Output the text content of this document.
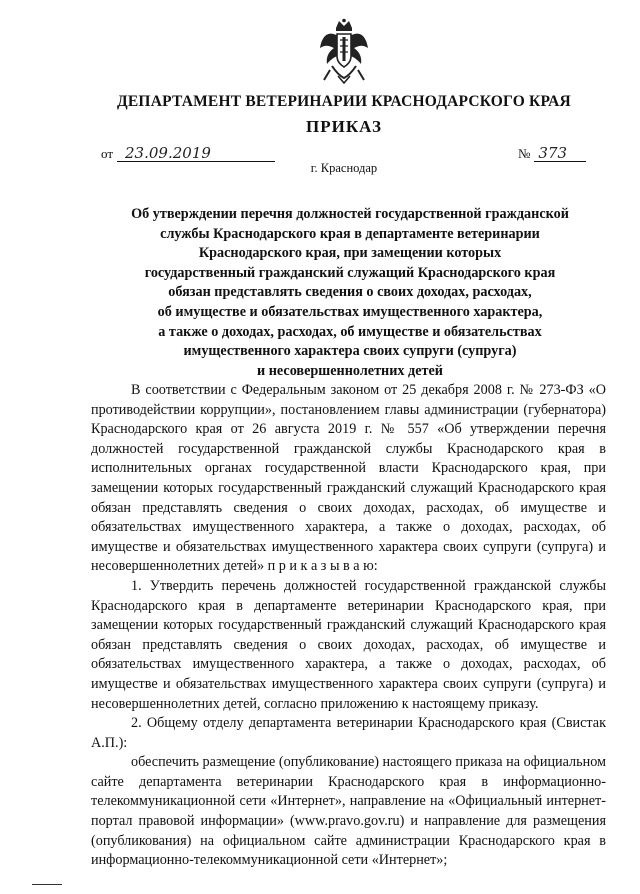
ДЕПАРТАМЕНТ ВЕТЕРИНАРИИ КРАСНОДАРСКОГО КРАЯ
ПРИКАЗ
от 23.09.2019	№ 373
г. Краснодар
Об утверждении перечня должностей государственной гражданской
службы Краснодарского края в департаменте ветеринарии
Краснодарского края, при замещении которых
государственный гражданский служащий Краснодарского края
обязан представлять сведения о своих доходах, расходах,
об имуществе и обязательствах имущественного характера,
а также о доходах, расходах, об имуществе и обязательствах
имущественного характера своих супруги (супруга)
и несовершеннолетних детей

В соответствии с Федеральным законом от 25 декабря 2008 г. № 273-ФЗ «О противодействии коррупции», постановлением главы администрации (губернатора) Краснодарского края от 26 августа 2019 г. № 557 «Об утверждении перечня должностей государственной гражданской службы Краснодарского края в исполнительных органах государственной власти Краснодарского края, при замещении которых государственный гражданский служащий Краснодарского края обязан представлять сведения о своих доходах, расходах, об имуществе и обязательствах имущественного характера, а также о доходах, расходах, об имуществе и обязательствах имущественного характера своих супруги (супруга) и несовершеннолетних детей» п р и к а з ы в а ю:

1. Утвердить перечень должностей государственной гражданской службы Краснодарского края в департаменте ветеринарии Краснодарского края, при замещении которых государственный гражданский служащий Краснодарского края обязан представлять сведения о своих доходах, расходах, об имуществе и обязательствах имущественного характера, а также о доходах, расходах, об имуществе и обязательствах имущественного характера своих супруги (супруга) и несовершеннолетних детей, согласно приложению к настоящему приказу.

2. Общему отделу департамента ветеринарии Краснодарского края (Свистак А.П.):

обеспечить размещение (опубликование) настоящего приказа на официальном сайте департамента ветеринарии Краснодарского края в информационно-телекоммуникационной сети «Интернет», направление на «Официальный интернет-портал правовой информации» (www.pravo.gov.ru) и направление для размещения (опубликования) на официальном сайте администрации Краснодарского края в информационно-телекоммуникационной сети «Интернет»;
